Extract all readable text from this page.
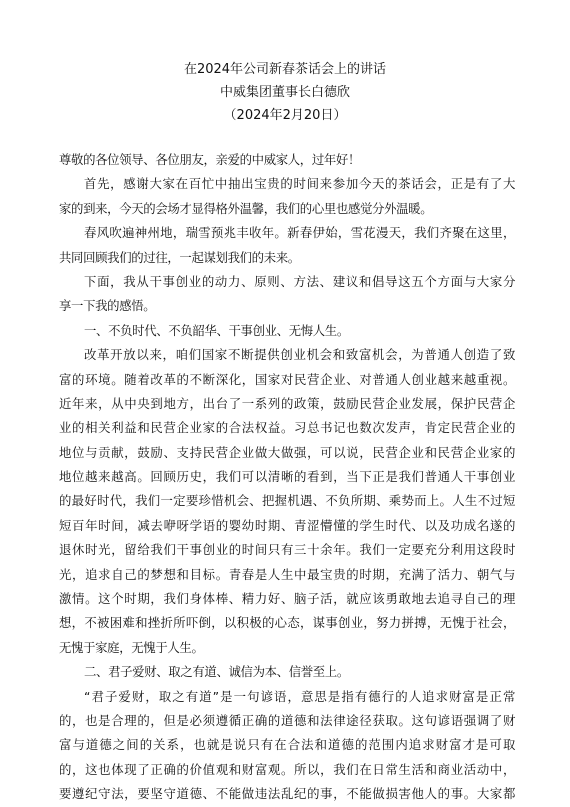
在2024年公司新春茶话会上的讲话
中威集团董事长白德欣
（2024年2月20日）
尊敬的各位领导、各位朋友，亲爱的中威家人，过年好！
首先，感谢大家在百忙中抽出宝贵的时间来参加今天的茶话会，正是有了大
家的到来，今天的会场才显得格外温馨，我们的心里也感觉分外温暖。
春风吹遍神州地，瑞雪预兆丰收年。新春伊始，雪花漫天，我们齐聚在这里，
共同回顾我们的过往，一起谋划我们的未来。
下面，我从干事创业的动力、原则、方法、建议和倡导这五个方面与大家分
享一下我的感悟。
一、不负时代、不负韶华、干事创业、无悔人生。
改革开放以来，咱们国家不断提供创业机会和致富机会，为普通人创造了致
富的环境。随着改革的不断深化，国家对民营企业、对普通人创业越来越重视。
近年来，从中央到地方，出台了一系列的政策，鼓励民营企业发展，保护民营企
业的相关利益和民营企业家的合法权益。习总书记也数次发声，肯定民营企业的
地位与贡献，鼓励、支持民营企业做大做强，可以说，民营企业和民营企业家的
地位越来越高。回顾历史，我们可以清晰的看到，当下正是我们普通人干事创业
的最好时代，我们一定要珍惜机会、把握机遇、不负所期、乘势而上。人生不过短
短百年时间，减去咿呀学语的婴幼时期、青涩懵懂的学生时代、以及功成名遂的
退休时光，留给我们干事创业的时间只有三十余年。我们一定要充分利用这段时
光，追求自己的梦想和目标。青春是人生中最宝贵的时期，充满了活力、朝气与
激情。这个时期，我们身体棒、精力好、脑子活，就应该勇敢地去追寻自己的理
想，不被困难和挫折所吓倒，以积极的心态，谋事创业，努力拼搏，无愧于社会，
无愧于家庭，无愧于人生。
二、君子爱财、取之有道、诚信为本、信誉至上。
“君子爱财，取之有道”是一句谚语，意思是指有德行的人追求财富是正常
的，也是合理的，但是必须遵循正确的道德和法律途径获取。这句谚语强调了财
富与道德之间的关系，也就是说只有在合法和道德的范围内追求财富才是可取
的，这也体现了正确的价值观和财富观。所以，我们在日常生活和商业活动中，
要遵纪守法，要坚守道德、不能做违法乱纪的事，不能做损害他人的事。大家都
